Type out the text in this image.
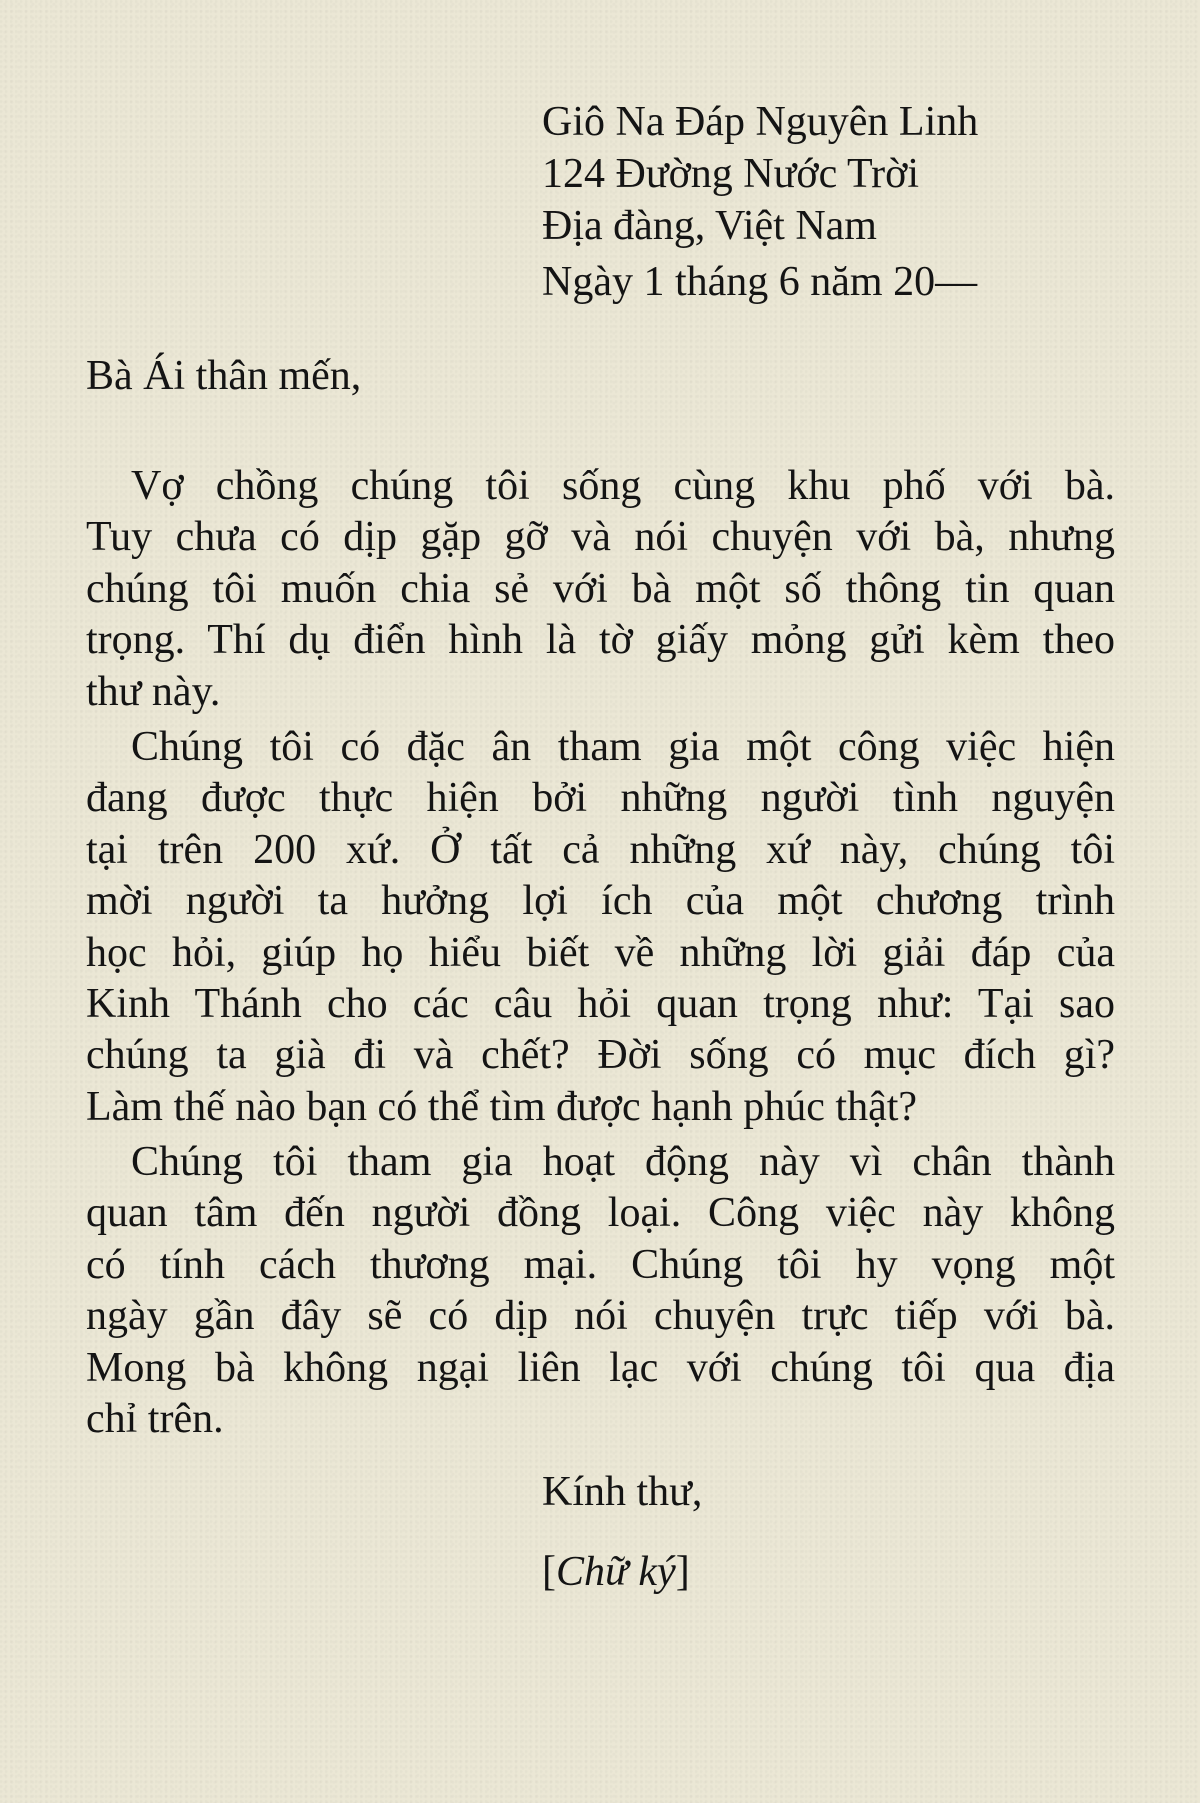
Giô Na Đáp Nguyên Linh
124 Đường Nước Trời
Địa đàng, Việt Nam
Ngày 1 tháng 6 năm 20—
Bà Ái thân mến,
Vợ chồng chúng tôi sống cùng khu phố với bà.
Tuy chưa có dịp gặp gỡ và nói chuyện với bà, nhưng
chúng tôi muốn chia sẻ với bà một số thông tin quan
trọng. Thí dụ điển hình là tờ giấy mỏng gửi kèm theo
thư này.
Chúng tôi có đặc ân tham gia một công việc hiện
đang được thực hiện bởi những người tình nguyện
tại trên 200 xứ. Ở tất cả những xứ này, chúng tôi
mời người ta hưởng lợi ích của một chương trình
học hỏi, giúp họ hiểu biết về những lời giải đáp của
Kinh Thánh cho các câu hỏi quan trọng như: Tại sao
chúng ta già đi và chết? Đời sống có mục đích gì?
Làm thế nào bạn có thể tìm được hạnh phúc thật?
Chúng tôi tham gia hoạt động này vì chân thành
quan tâm đến người đồng loại. Công việc này không
có tính cách thương mại. Chúng tôi hy vọng một
ngày gần đây sẽ có dịp nói chuyện trực tiếp với bà.
Mong bà không ngại liên lạc với chúng tôi qua địa
chỉ trên.
Kính thư,
[Chữ ký]
